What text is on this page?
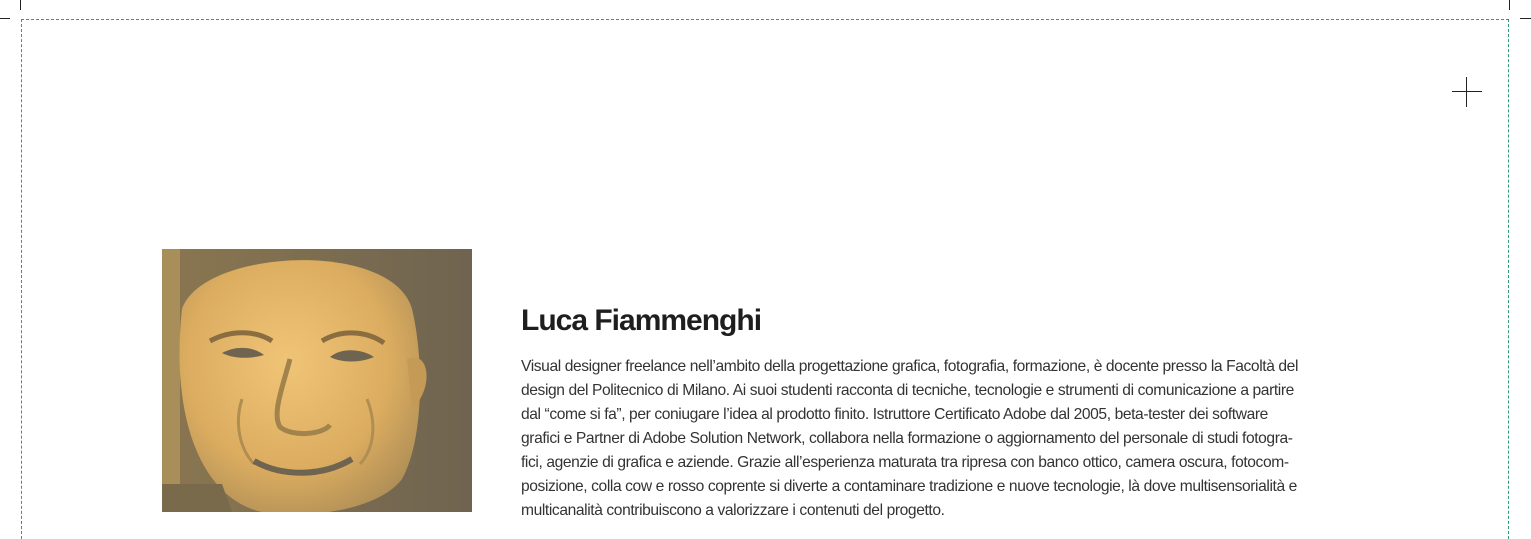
Luca Fiammenghi

Visual designer freelance nell’ambito della progettazione grafica, fotografia, formazione, è docente presso la Facoltà del
design del Politecnico di Milano. Ai suoi studenti racconta di tecniche, tecnologie e strumenti di comunicazione a partire
dal “come si fa”, per coniugare l’idea al prodotto finito. Istruttore Certificato Adobe dal 2005, beta-tester dei software
grafici e Partner di Adobe Solution Network, collabora nella formazione o aggiornamento del personale di studi fotogra-
fici, agenzie di grafica e aziende. Grazie all’esperienza maturata tra ripresa con banco ottico, camera oscura, fotocom-
posizione, colla cow e rosso coprente si diverte a contaminare tradizione e nuove tecnologie, là dove multisensorialità e
multicanalità contribuiscono a valorizzare i contenuti del progetto.
